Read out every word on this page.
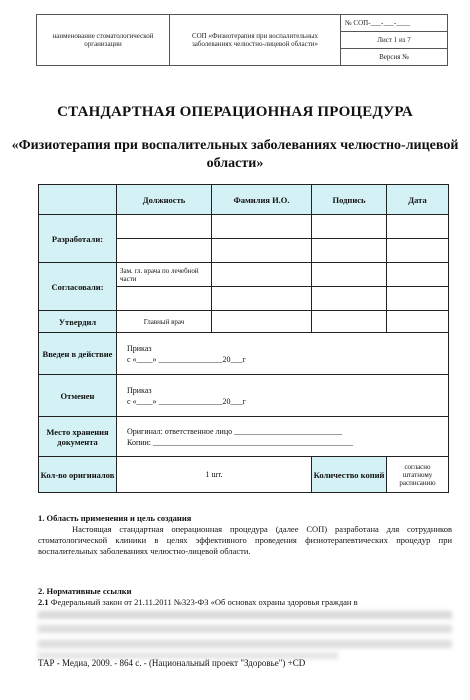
наименование стоматологической организации	СОП «Физиотерапия при воспалительных заболеваниях челюстно-лицевой области»	№ СОП-___-___-____
Лист 1 из 7
Версия №
СТАНДАРТНАЯ ОПЕРАЦИОННАЯ ПРОЦЕДУРА
«Физиотерапия при воспалительных заболеваниях челюстно-лицевой области»
	Должность	Фамилия И.О.	Подпись	Дата
Разработали:				

Согласовали:	Зам. гл. врача по лечебной части			

Утвердил	Главный врач			
Введен в действие	Приказ
с «____» ________________20___г			

Отменен	Приказ
с «____» ________________20___г			

Место хранения документа	Оригинал: ответственное лицо ___________________________
Копии: __________________________________________________			

Кол-во оригиналов	1 шт.		Количество копий	согласно штатному расписанию
1. Область применения и цель создания
Настоящая стандартная операционная процедура (далее СОП) разработана для сотрудников стоматологической клиники в целях эффективного проведения физиотерапевтических процедур при воспалительных заболеваниях челюстно-лицевой области.
2. Нормативные ссылки
2.1 Федеральный закон от 21.11.2011 №323-ФЗ «Об основах охраны здоровья граждан в
ТАР - Медиа, 2009. - 864 с. - (Национальный проект "Здоровье") +CD
